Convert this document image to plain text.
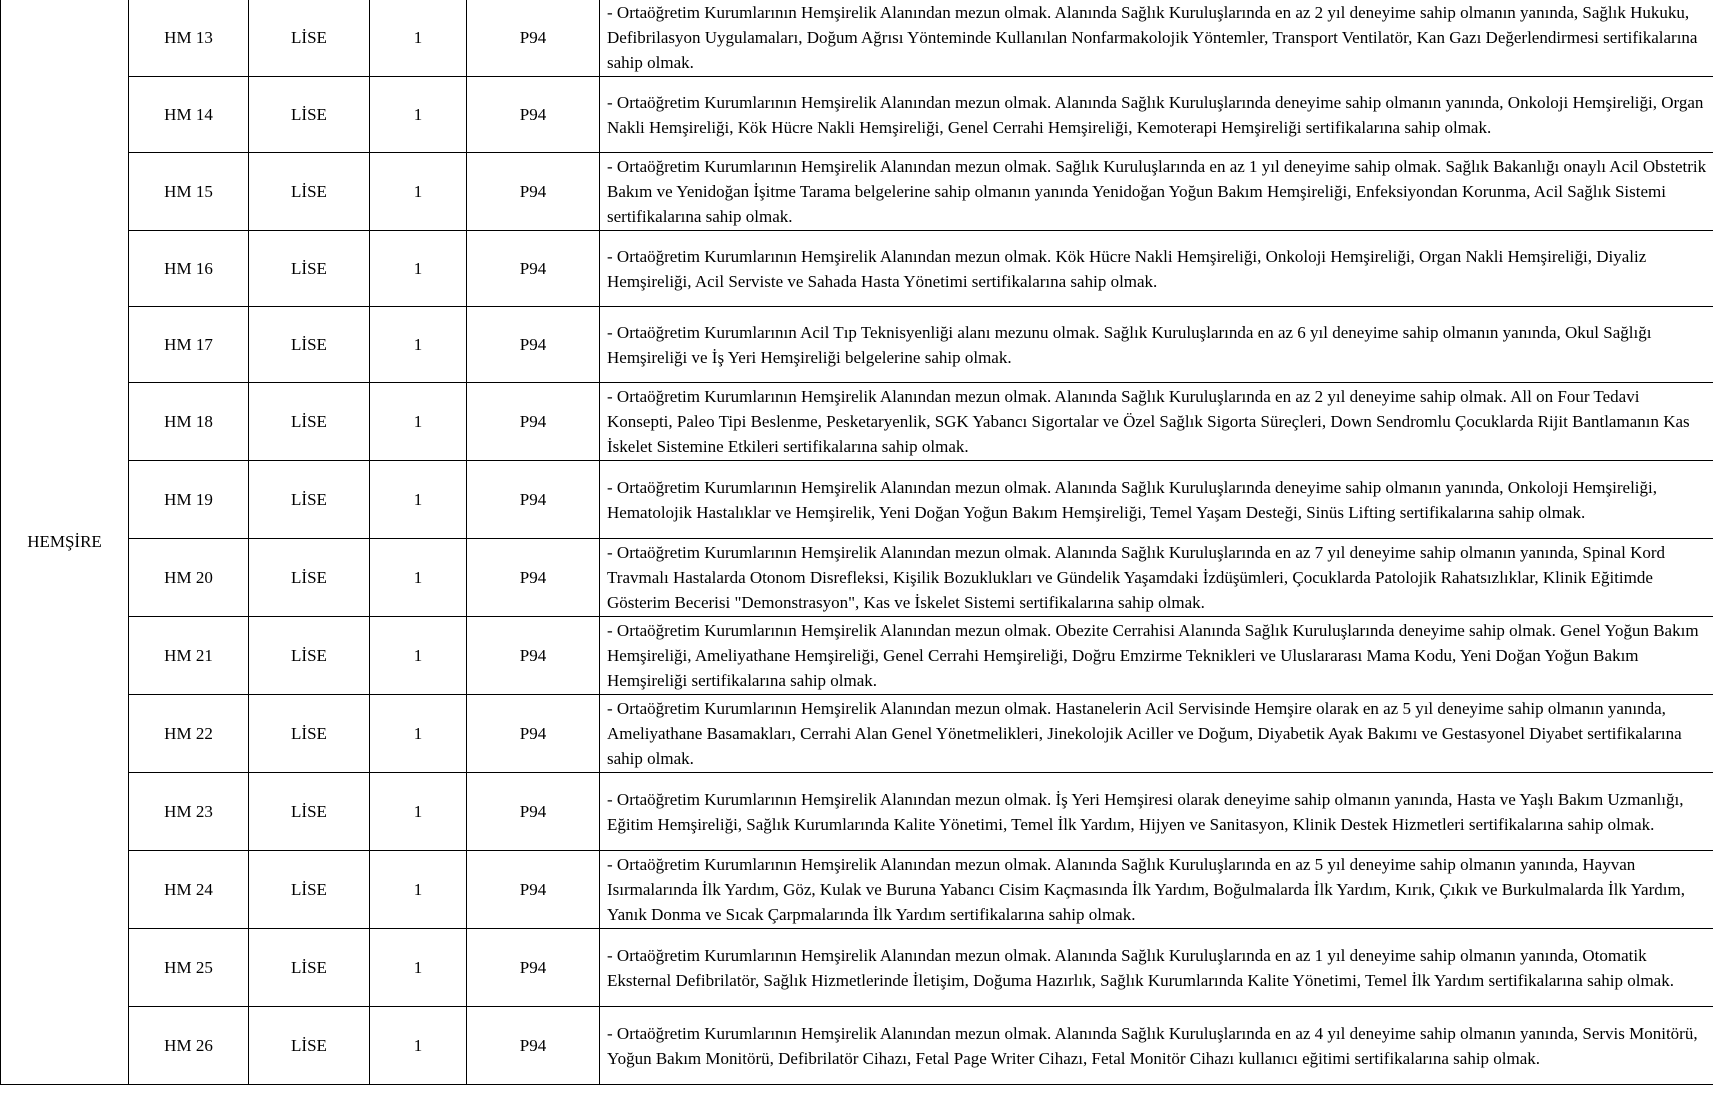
HEMŞİRE	HM 13	LİSE	1	P94	- Ortaöğretim Kurumlarının Hemşirelik Alanından mezun olmak. Alanında Sağlık Kuruluşlarında en az 2 yıl deneyime sahip olmanın yanında, Sağlık Hukuku, Defibrilasyon Uygulamaları, Doğum Ağrısı Yönteminde Kullanılan Nonfarmakolojik Yöntemler, Transport Ventilatör, Kan Gazı Değerlendirmesi sertifikalarına sahip olmak.
	HM 14	LİSE	1	P94	- Ortaöğretim Kurumlarının Hemşirelik Alanından mezun olmak. Alanında Sağlık Kuruluşlarında deneyime sahip olmanın yanında, Onkoloji Hemşireliği, Organ Nakli Hemşireliği, Kök Hücre Nakli Hemşireliği, Genel Cerrahi Hemşireliği, Kemoterapi Hemşireliği sertifikalarına sahip olmak.
	HM 15	LİSE	1	P94	- Ortaöğretim Kurumlarının Hemşirelik Alanından mezun olmak. Sağlık Kuruluşlarında en az 1 yıl deneyime sahip olmak. Sağlık Bakanlığı onaylı Acil Obstetrik Bakım ve Yenidoğan İşitme Tarama belgelerine sahip olmanın yanında Yenidoğan Yoğun Bakım Hemşireliği, Enfeksiyondan Korunma, Acil Sağlık Sistemi sertifikalarına sahip olmak.
	HM 16	LİSE	1	P94	- Ortaöğretim Kurumlarının Hemşirelik Alanından mezun olmak. Kök Hücre Nakli Hemşireliği, Onkoloji Hemşireliği, Organ Nakli Hemşireliği, Diyaliz Hemşireliği, Acil Serviste ve Sahada Hasta Yönetimi sertifikalarına sahip olmak.
	HM 17	LİSE	1	P94	- Ortaöğretim Kurumlarının Acil Tıp Teknisyenliği alanı mezunu olmak. Sağlık Kuruluşlarında en az 6 yıl deneyime sahip olmanın yanında, Okul Sağlığı Hemşireliği ve İş Yeri Hemşireliği belgelerine sahip olmak.
	HM 18	LİSE	1	P94	- Ortaöğretim Kurumlarının Hemşirelik Alanından mezun olmak. Alanında Sağlık Kuruluşlarında en az 2 yıl deneyime sahip olmak. All on Four Tedavi Konsepti, Paleo Tipi Beslenme, Pesketaryenlik, SGK Yabancı Sigortalar ve Özel Sağlık Sigorta Süreçleri, Down Sendromlu Çocuklarda Rijit Bantlamanın Kas İskelet Sistemine Etkileri sertifikalarına sahip olmak.
	HM 19	LİSE	1	P94	- Ortaöğretim Kurumlarının Hemşirelik Alanından mezun olmak. Alanında Sağlık Kuruluşlarında deneyime sahip olmanın yanında, Onkoloji Hemşireliği, Hematolojik Hastalıklar ve Hemşirelik, Yeni Doğan Yoğun Bakım Hemşireliği, Temel Yaşam Desteği, Sinüs Lifting sertifikalarına sahip olmak.
	HM 20	LİSE	1	P94	- Ortaöğretim Kurumlarının Hemşirelik Alanından mezun olmak. Alanında Sağlık Kuruluşlarında en az 7 yıl deneyime sahip olmanın yanında, Spinal Kord Travmalı Hastalarda Otonom Disrefleksi, Kişilik Bozuklukları ve Gündelik Yaşamdaki İzdüşümleri, Çocuklarda Patolojik Rahatsızlıklar, Klinik Eğitimde Gösterim Becerisi "Demonstrasyon", Kas ve İskelet Sistemi sertifikalarına sahip olmak.
	HM 21	LİSE	1	P94	- Ortaöğretim Kurumlarının Hemşirelik Alanından mezun olmak. Obezite Cerrahisi Alanında Sağlık Kuruluşlarında deneyime sahip olmak. Genel Yoğun Bakım Hemşireliği, Ameliyathane Hemşireliği, Genel Cerrahi Hemşireliği, Doğru Emzirme Teknikleri ve Uluslararası Mama Kodu, Yeni Doğan Yoğun Bakım Hemşireliği sertifikalarına sahip olmak.
	HM 22	LİSE	1	P94	- Ortaöğretim Kurumlarının Hemşirelik Alanından mezun olmak. Hastanelerin Acil Servisinde Hemşire olarak en az 5 yıl deneyime sahip olmanın yanında, Ameliyathane Basamakları, Cerrahi Alan Genel Yönetmelikleri, Jinekolojik Aciller ve Doğum, Diyabetik Ayak Bakımı ve Gestasyonel Diyabet sertifikalarına sahip olmak.
	HM 23	LİSE	1	P94	- Ortaöğretim Kurumlarının Hemşirelik Alanından mezun olmak. İş Yeri Hemşiresi olarak deneyime sahip olmanın yanında, Hasta ve Yaşlı Bakım Uzmanlığı, Eğitim Hemşireliği, Sağlık Kurumlarında Kalite Yönetimi, Temel İlk Yardım, Hijyen ve Sanitasyon, Klinik Destek Hizmetleri sertifikalarına sahip olmak.
	HM 24	LİSE	1	P94	- Ortaöğretim Kurumlarının Hemşirelik Alanından mezun olmak. Alanında Sağlık Kuruluşlarında en az 5 yıl deneyime sahip olmanın yanında, Hayvan Isırmalarında İlk Yardım, Göz, Kulak ve Buruna Yabancı Cisim Kaçmasında İlk Yardım, Boğulmalarda İlk Yardım, Kırık, Çıkık ve Burkulmalarda İlk Yardım, Yanık Donma ve Sıcak Çarpmalarında İlk Yardım sertifikalarına sahip olmak.
	HM 25	LİSE	1	P94	- Ortaöğretim Kurumlarının Hemşirelik Alanından mezun olmak. Alanında Sağlık Kuruluşlarında en az 1 yıl deneyime sahip olmanın yanında, Otomatik Eksternal Defibrilatör, Sağlık Hizmetlerinde İletişim, Doğuma Hazırlık, Sağlık Kurumlarında Kalite Yönetimi, Temel İlk Yardım sertifikalarına sahip olmak.
	HM 26	LİSE	1	P94	- Ortaöğretim Kurumlarının Hemşirelik Alanından mezun olmak. Alanında Sağlık Kuruluşlarında en az 4 yıl deneyime sahip olmanın yanında, Servis Monitörü, Yoğun Bakım Monitörü, Defibrilatör Cihazı, Fetal Page Writer Cihazı, Fetal Monitör Cihazı kullanıcı eğitimi sertifikalarına sahip olmak.
